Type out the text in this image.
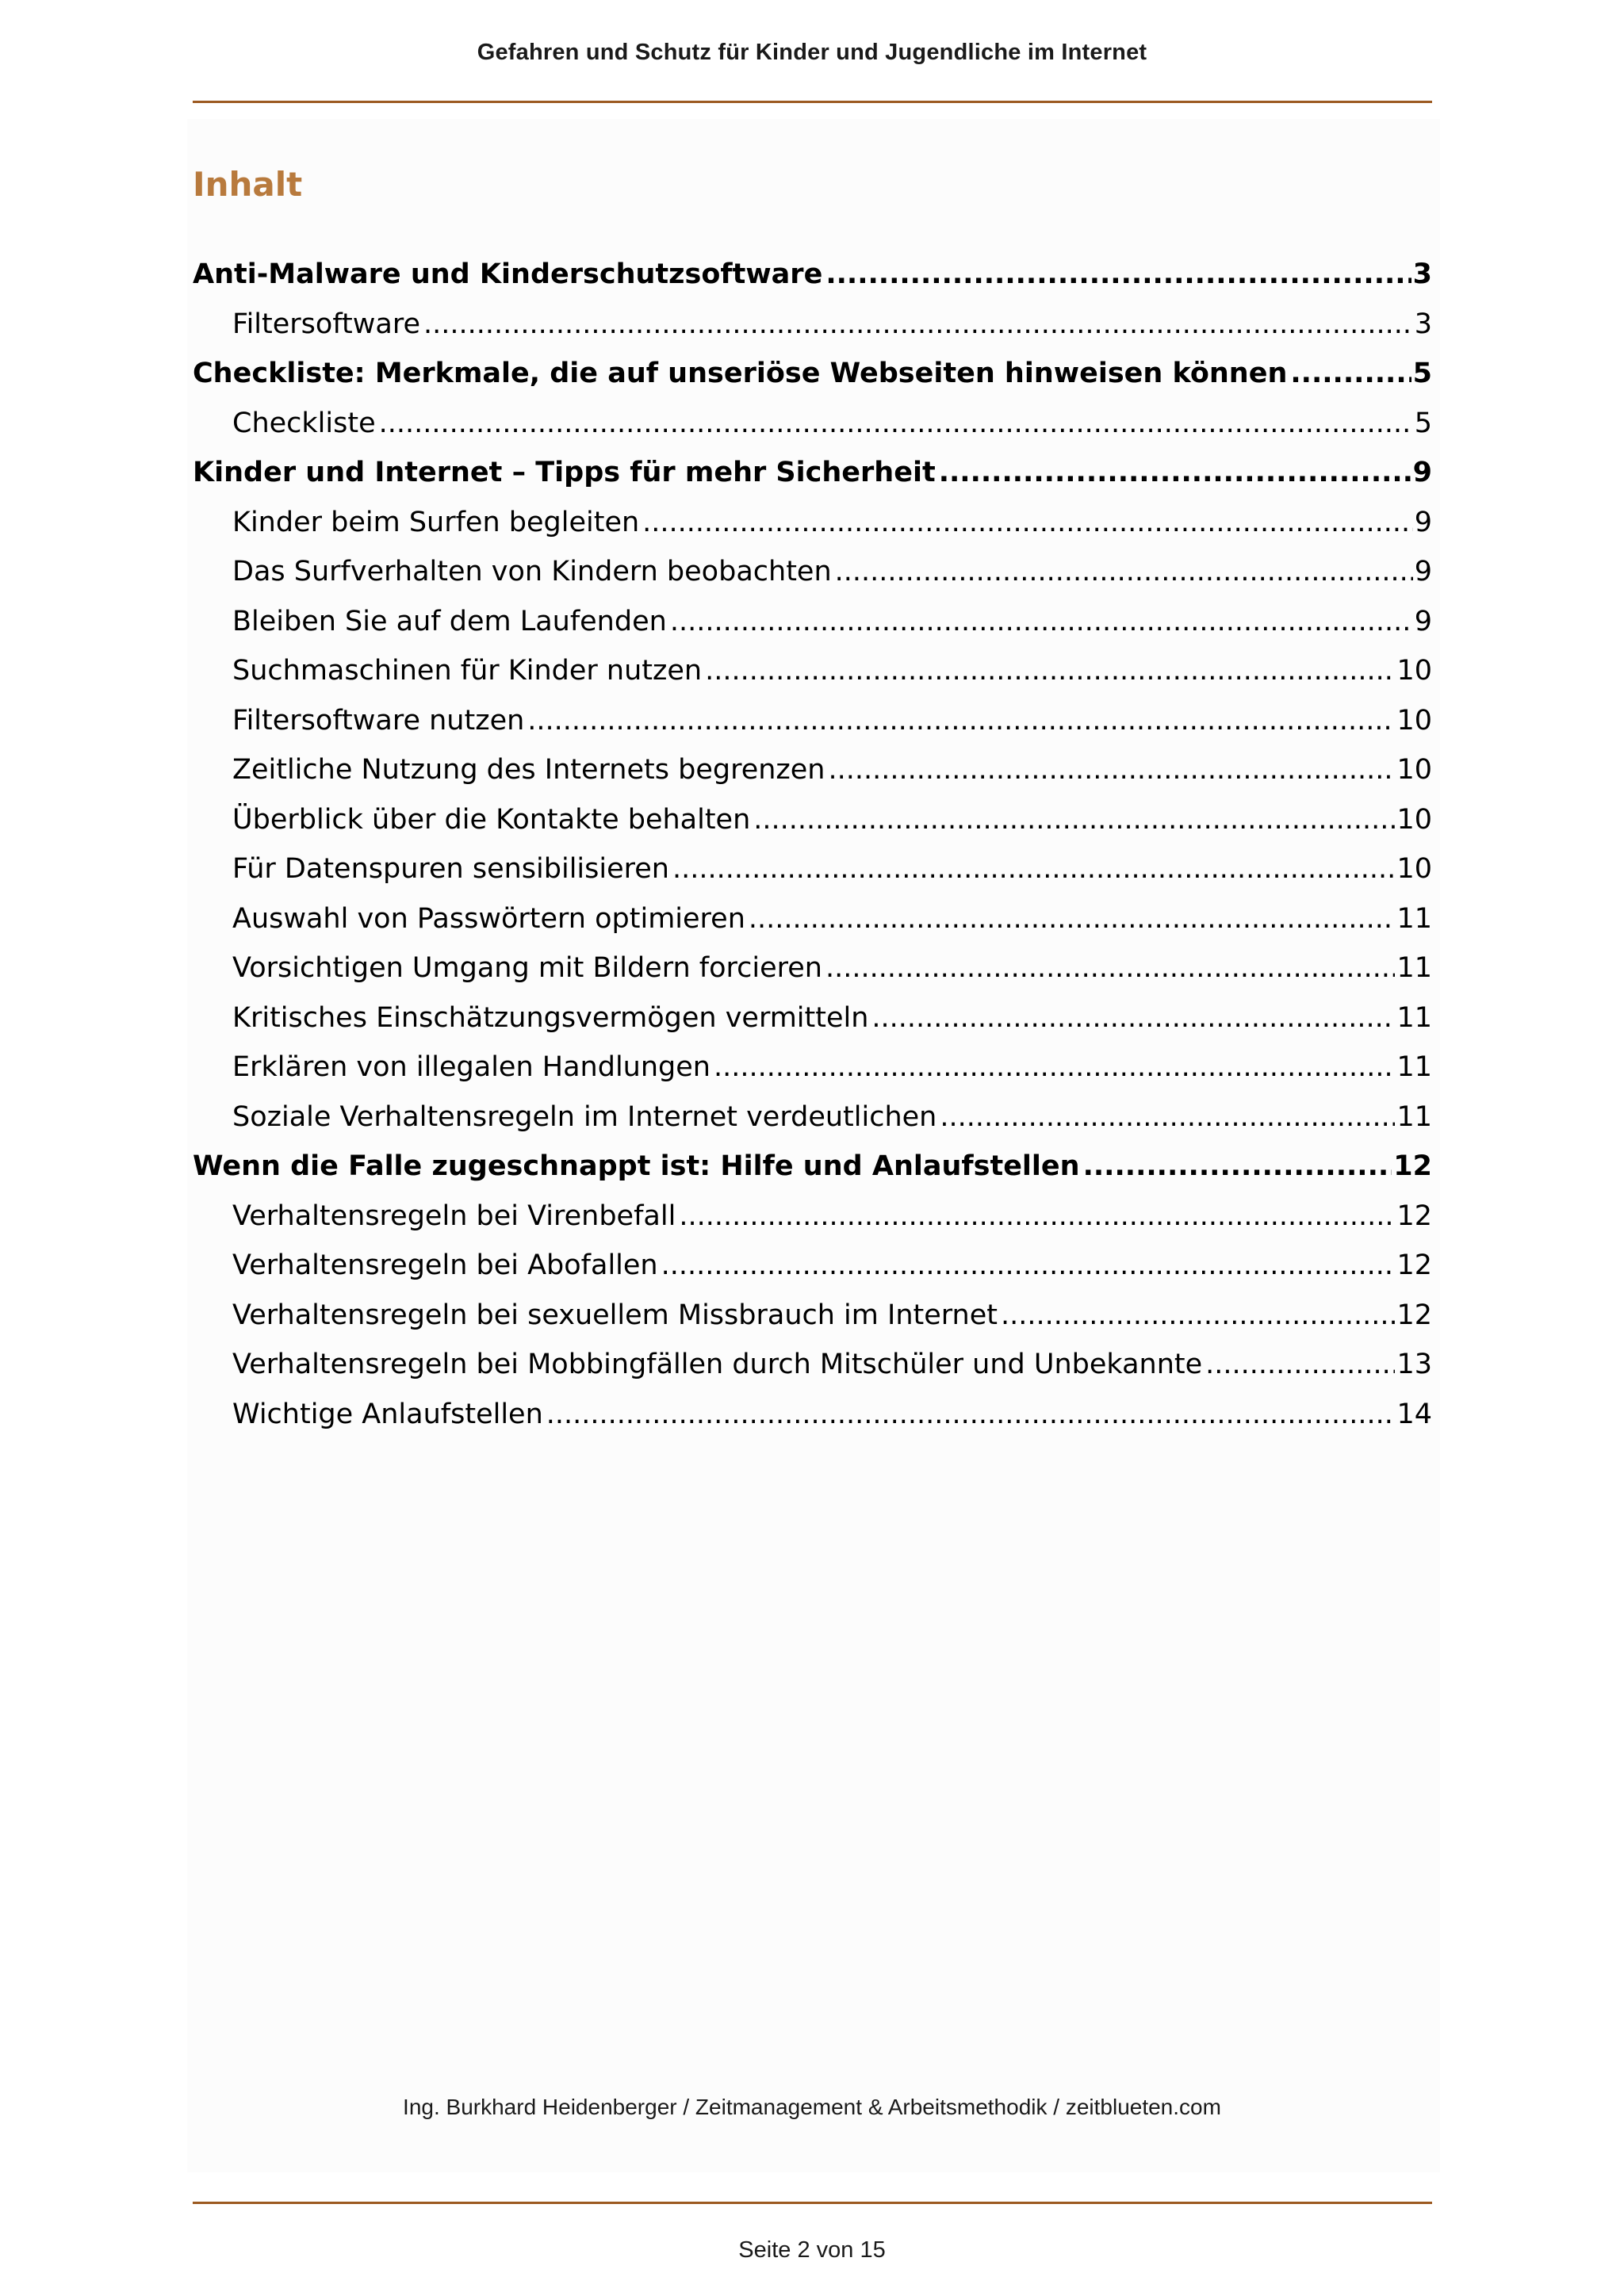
Gefahren und Schutz für Kinder und Jugendliche im Internet
Inhalt
Anti-Malware und Kinderschutzsoftware .....	3
Filtersoftware .....	3
Checkliste: Merkmale, die auf unseriöse Webseiten hinweisen können .....	5
Checkliste .....	5
Kinder und Internet – Tipps für mehr Sicherheit .....	9
Kinder beim Surfen begleiten .....	9
Das Surfverhalten von Kindern beobachten .....	9
Bleiben Sie auf dem Laufenden .....	9
Suchmaschinen für Kinder nutzen .....	10
Filtersoftware nutzen .....	10
Zeitliche Nutzung des Internets begrenzen .....	10
Überblick über die Kontakte behalten .....	10
Für Datenspuren sensibilisieren .....	10
Auswahl von Passwörtern optimieren .....	11
Vorsichtigen Umgang mit Bildern forcieren .....	11
Kritisches Einschätzungsvermögen vermitteln .....	11
Erklären von illegalen Handlungen .....	11
Soziale Verhaltensregeln im Internet verdeutlichen .....	11
Wenn die Falle zugeschnappt ist: Hilfe und Anlaufstellen .....	12
Verhaltensregeln bei Virenbefall .....	12
Verhaltensregeln bei Abofallen .....	12
Verhaltensregeln bei sexuellem Missbrauch im Internet .....	12
Verhaltensregeln bei Mobbingfällen durch Mitschüler und Unbekannte .....	13
Wichtige Anlaufstellen .....	14
Ing. Burkhard Heidenberger / Zeitmanagement & Arbeitsmethodik / zeitblueten.com
Seite 2 von 15
